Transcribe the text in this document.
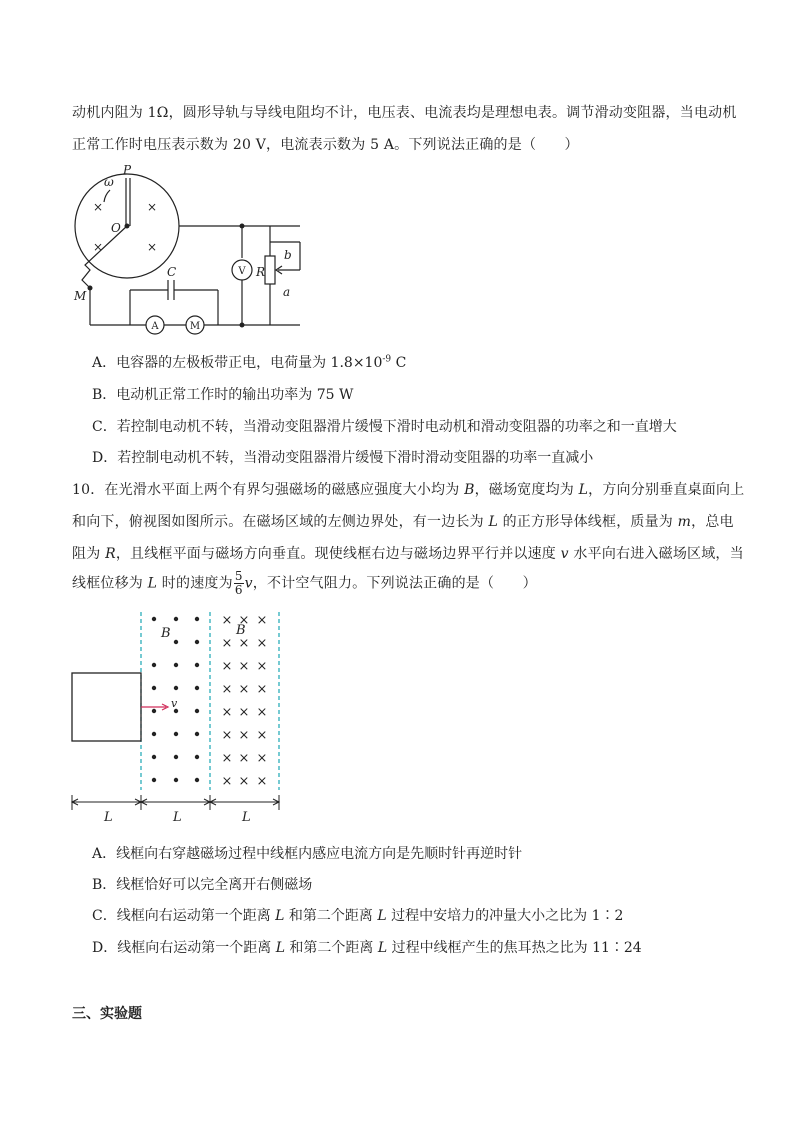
动机内阻为 1Ω，圆形导轨与导线电阻均不计，电压表、电流表均是理想电表。调节滑动变阻器，当电动机
正常工作时电压表示数为 20 V，电流表示数为 5 A。下列说法正确的是（　　）
P
ω
O
M
C	R
b
a
V
A	M
×	×
×	×
A．电容器的左极板带正电，电荷量为 $1.8\times 10^{-9}$ C
B．电动机正常工作时的输出功率为 75 W
C．若控制电动机不转，当滑动变阻器滑片缓慢下滑时电动机和滑动变阻器的功率之和一直增大
D．若控制电动机不转，当滑动变阻器滑片缓慢下滑时滑动变阻器的功率一直减小
10．在光滑水平面上两个有界匀强磁场的磁感应强度大小均为 B，磁场宽度均为 L，方向分别垂直桌面向上
和向下，俯视图如图所示。在磁场区域的左侧边界处，有一边长为 L 的正方形导体线框，质量为 m，总电
阻为 R，且线框平面与磁场方向垂直。现使线框右边与磁场边界平行并以速度 v 水平向右进入磁场区域，当
线框位移为 L 时的速度为 $\frac{5}{6}$ v，不计空气阻力。下列说法正确的是（　　）
×
×
×
×
×
×
×
×
×
×
×
×
×
×
×
×
×
×
×
×
×
×
×
×
B	B
v
L	L	L
A．线框向右穿越磁场过程中线框内感应电流方向是先顺时针再逆时针
B．线框恰好可以完全离开右侧磁场
C．线框向右运动第一个距离 L 和第二个距离 L 过程中安培力的冲量大小之比为 1∶2
D．线框向右运动第一个距离 L 和第二个距离 L 过程中线框产生的焦耳热之比为 11∶24
三、实验题
